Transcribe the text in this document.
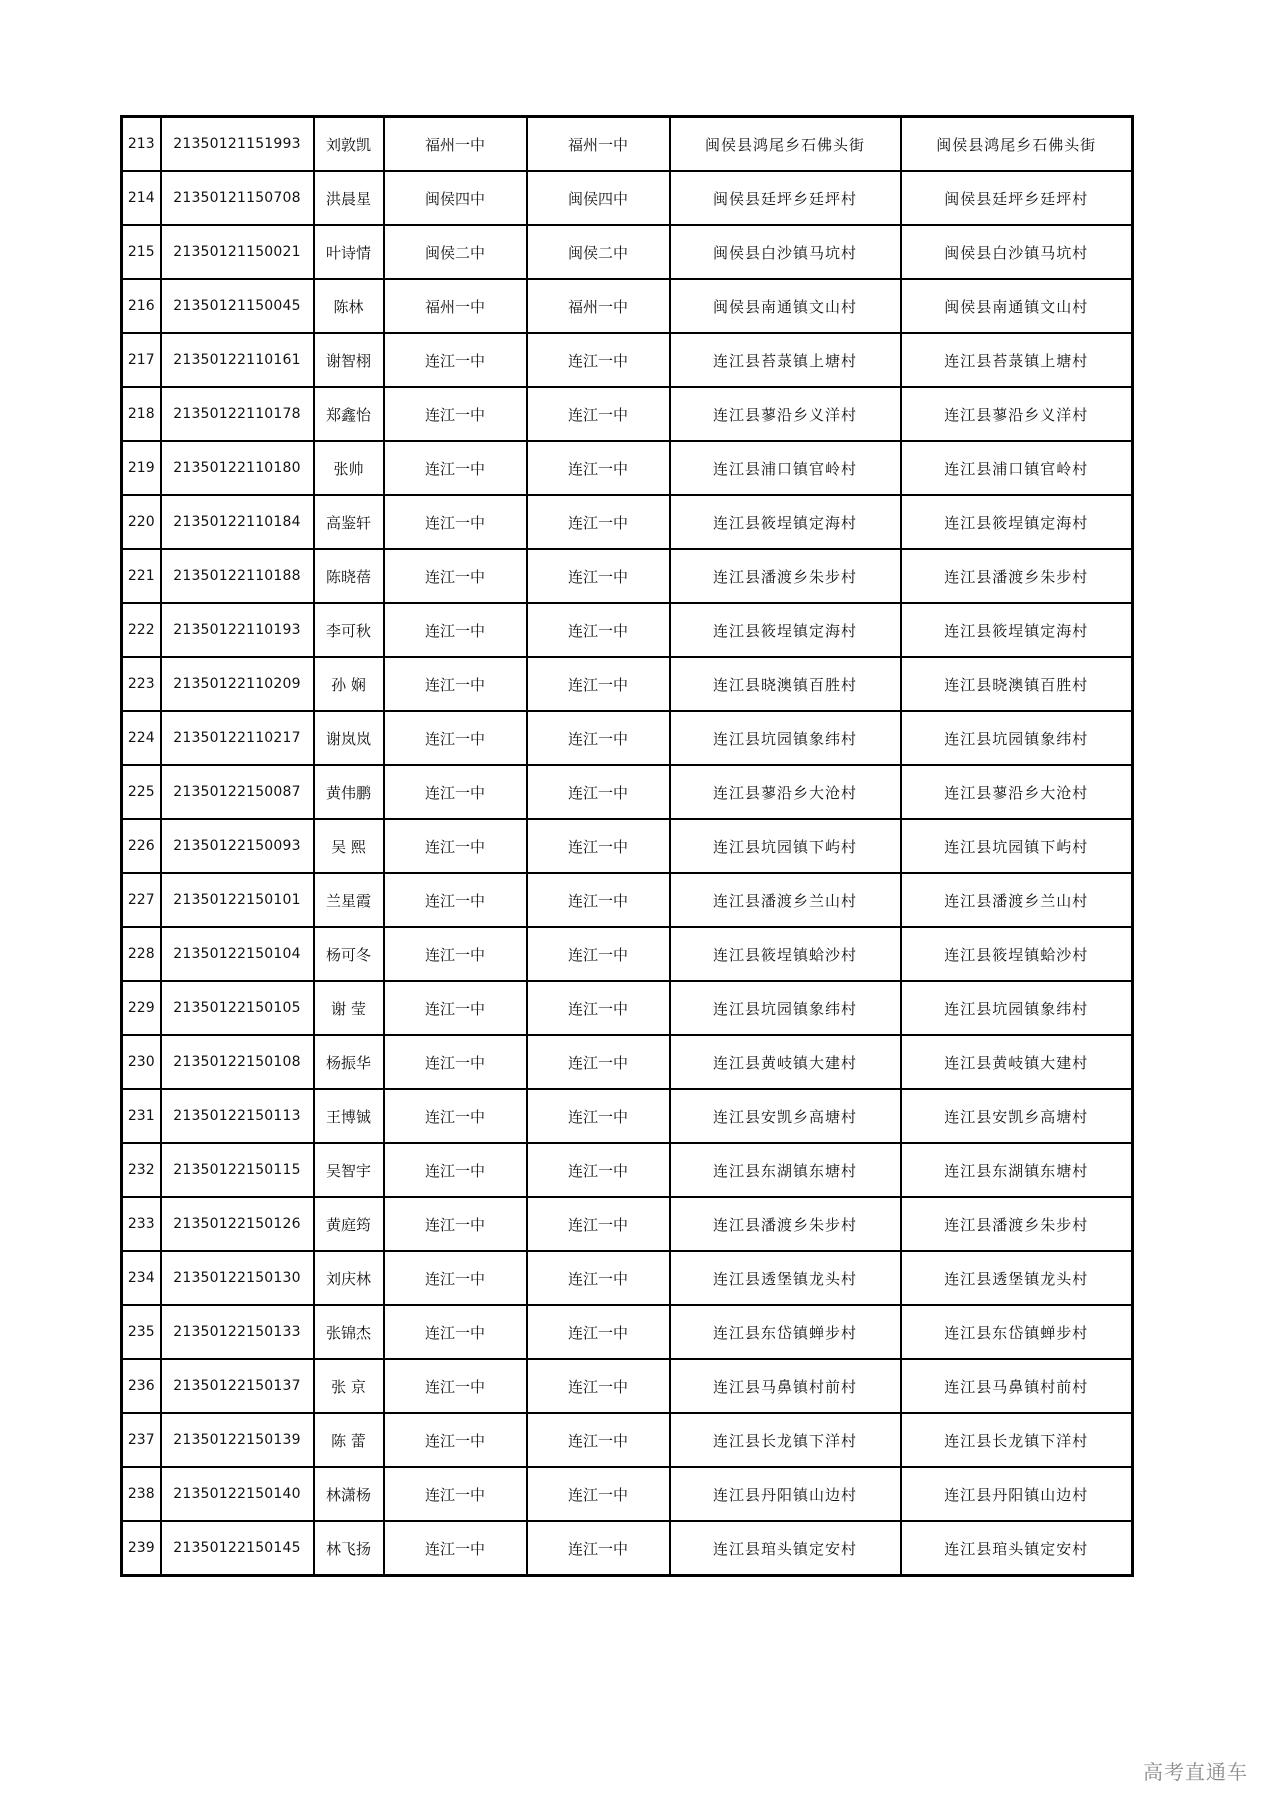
213	21350121151993	刘敦凯	福州一中	福州一中	闽侯县鸿尾乡石佛头街	闽侯县鸿尾乡石佛头街
214	21350121150708	洪晨星	闽侯四中	闽侯四中	闽侯县廷坪乡廷坪村	闽侯县廷坪乡廷坪村
215	21350121150021	叶诗情	闽侯二中	闽侯二中	闽侯县白沙镇马坑村	闽侯县白沙镇马坑村
216	21350121150045	陈林	福州一中	福州一中	闽侯县南通镇文山村	闽侯县南通镇文山村
217	21350122110161	谢智栩	连江一中	连江一中	连江县苔菉镇上塘村	连江县苔菉镇上塘村
218	21350122110178	郑鑫怡	连江一中	连江一中	连江县蓼沿乡义洋村	连江县蓼沿乡义洋村
219	21350122110180	张帅	连江一中	连江一中	连江县浦口镇官岭村	连江县浦口镇官岭村
220	21350122110184	高鉴轩	连江一中	连江一中	连江县筱埕镇定海村	连江县筱埕镇定海村
221	21350122110188	陈晓蓓	连江一中	连江一中	连江县潘渡乡朱步村	连江县潘渡乡朱步村
222	21350122110193	李可秋	连江一中	连江一中	连江县筱埕镇定海村	连江县筱埕镇定海村
223	21350122110209	孙 娴	连江一中	连江一中	连江县晓澳镇百胜村	连江县晓澳镇百胜村
224	21350122110217	谢岚岚	连江一中	连江一中	连江县坑园镇象纬村	连江县坑园镇象纬村
225	21350122150087	黄伟鹏	连江一中	连江一中	连江县蓼沿乡大沧村	连江县蓼沿乡大沧村
226	21350122150093	吴 熙	连江一中	连江一中	连江县坑园镇下屿村	连江县坑园镇下屿村
227	21350122150101	兰星霞	连江一中	连江一中	连江县潘渡乡兰山村	连江县潘渡乡兰山村
228	21350122150104	杨可冬	连江一中	连江一中	连江县筱埕镇蛤沙村	连江县筱埕镇蛤沙村
229	21350122150105	谢 莹	连江一中	连江一中	连江县坑园镇象纬村	连江县坑园镇象纬村
230	21350122150108	杨振华	连江一中	连江一中	连江县黄岐镇大建村	连江县黄岐镇大建村
231	21350122150113	王博铖	连江一中	连江一中	连江县安凯乡高塘村	连江县安凯乡高塘村
232	21350122150115	吴智宇	连江一中	连江一中	连江县东湖镇东塘村	连江县东湖镇东塘村
233	21350122150126	黄庭筠	连江一中	连江一中	连江县潘渡乡朱步村	连江县潘渡乡朱步村
234	21350122150130	刘庆林	连江一中	连江一中	连江县透堡镇龙头村	连江县透堡镇龙头村
235	21350122150133	张锦杰	连江一中	连江一中	连江县东岱镇蝉步村	连江县东岱镇蝉步村
236	21350122150137	张 京	连江一中	连江一中	连江县马鼻镇村前村	连江县马鼻镇村前村
237	21350122150139	陈 蕾	连江一中	连江一中	连江县长龙镇下洋村	连江县长龙镇下洋村
238	21350122150140	林潇杨	连江一中	连江一中	连江县丹阳镇山边村	连江县丹阳镇山边村
239	21350122150145	林飞扬	连江一中	连江一中	连江县琯头镇定安村	连江县琯头镇定安村
高考直通车
